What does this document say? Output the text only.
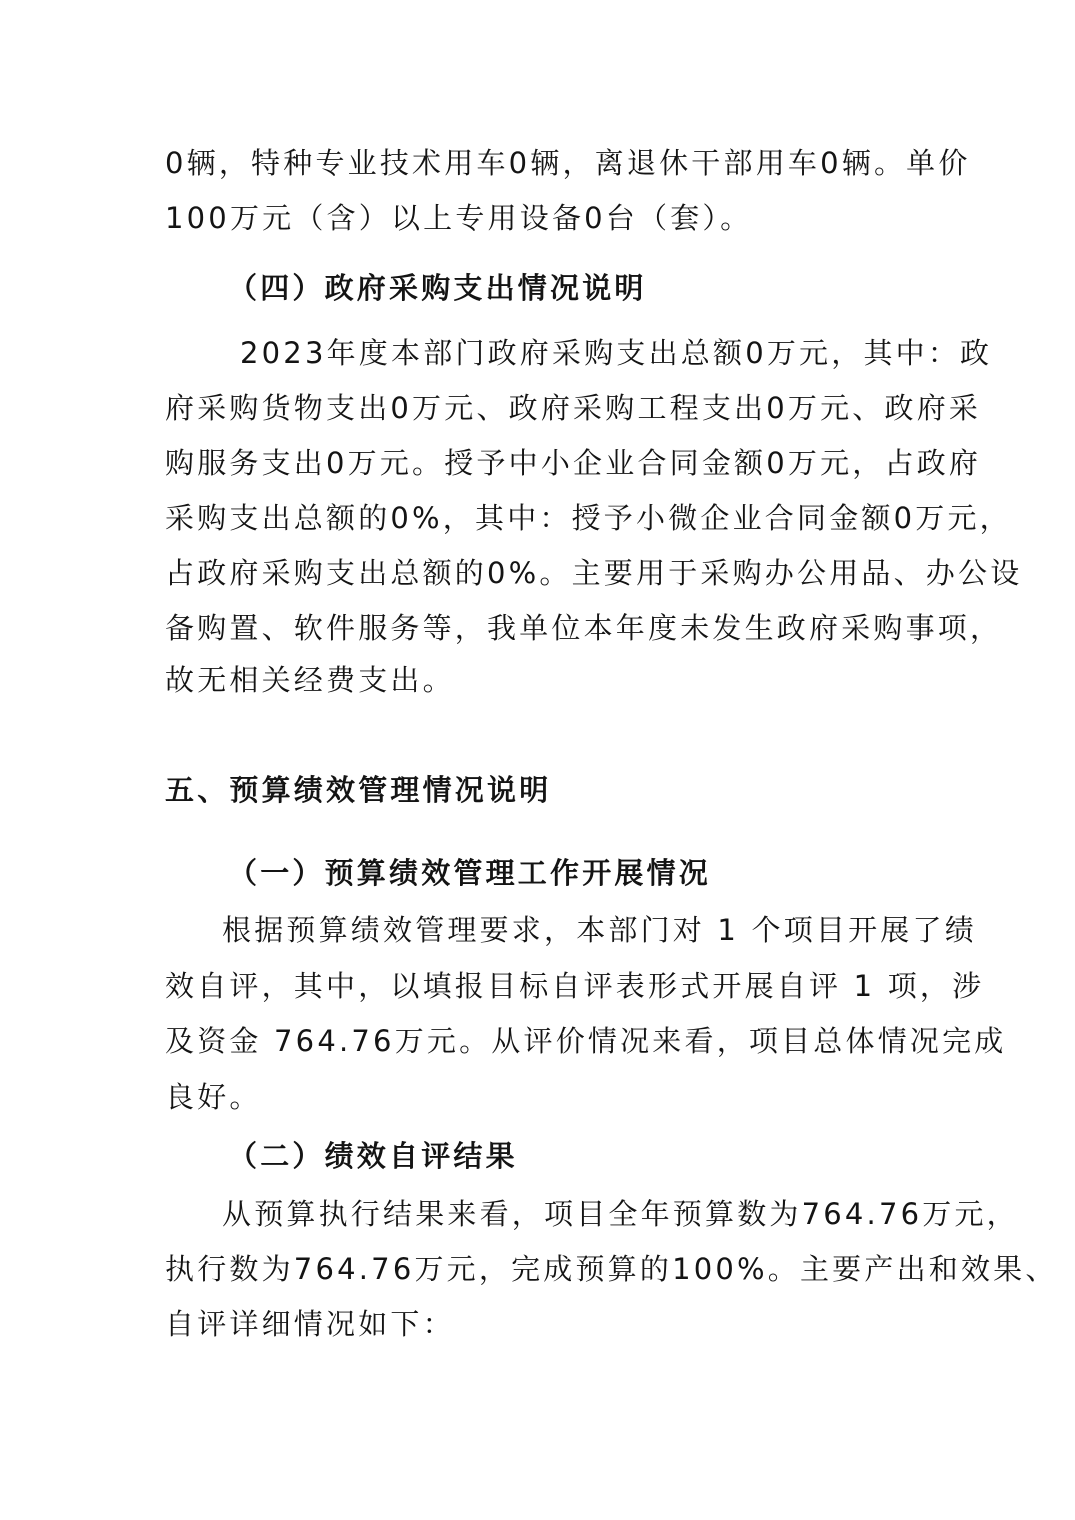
0辆，特种专业技术用车0辆，离退休干部用车0辆。单价

100万元（含）以上专用设备0台（套）。

（四）政府采购支出情况说明

2023年度本部门政府采购支出总额0万元，其中：政

府采购货物支出0万元、政府采购工程支出0万元、政府采

购服务支出0万元。授予中小企业合同金额0万元，占政府

采购支出总额的0%，其中：授予小微企业合同金额0万元，

占政府采购支出总额的0%。主要用于采购办公用品、办公设

备购置、软件服务等，我单位本年度未发生政府采购事项，

故无相关经费支出。

五、预算绩效管理情况说明

（一）预算绩效管理工作开展情况

根据预算绩效管理要求，本部门对 1 个项目开展了绩

效自评，其中，以填报目标自评表形式开展自评 1 项，涉

及资金 764.76万元。从评价情况来看，项目总体情况完成

良好。

（二）绩效自评结果

从预算执行结果来看，项目全年预算数为764.76万元，

执行数为764.76万元，完成预算的100%。主要产出和效果、

自评详细情况如下：
